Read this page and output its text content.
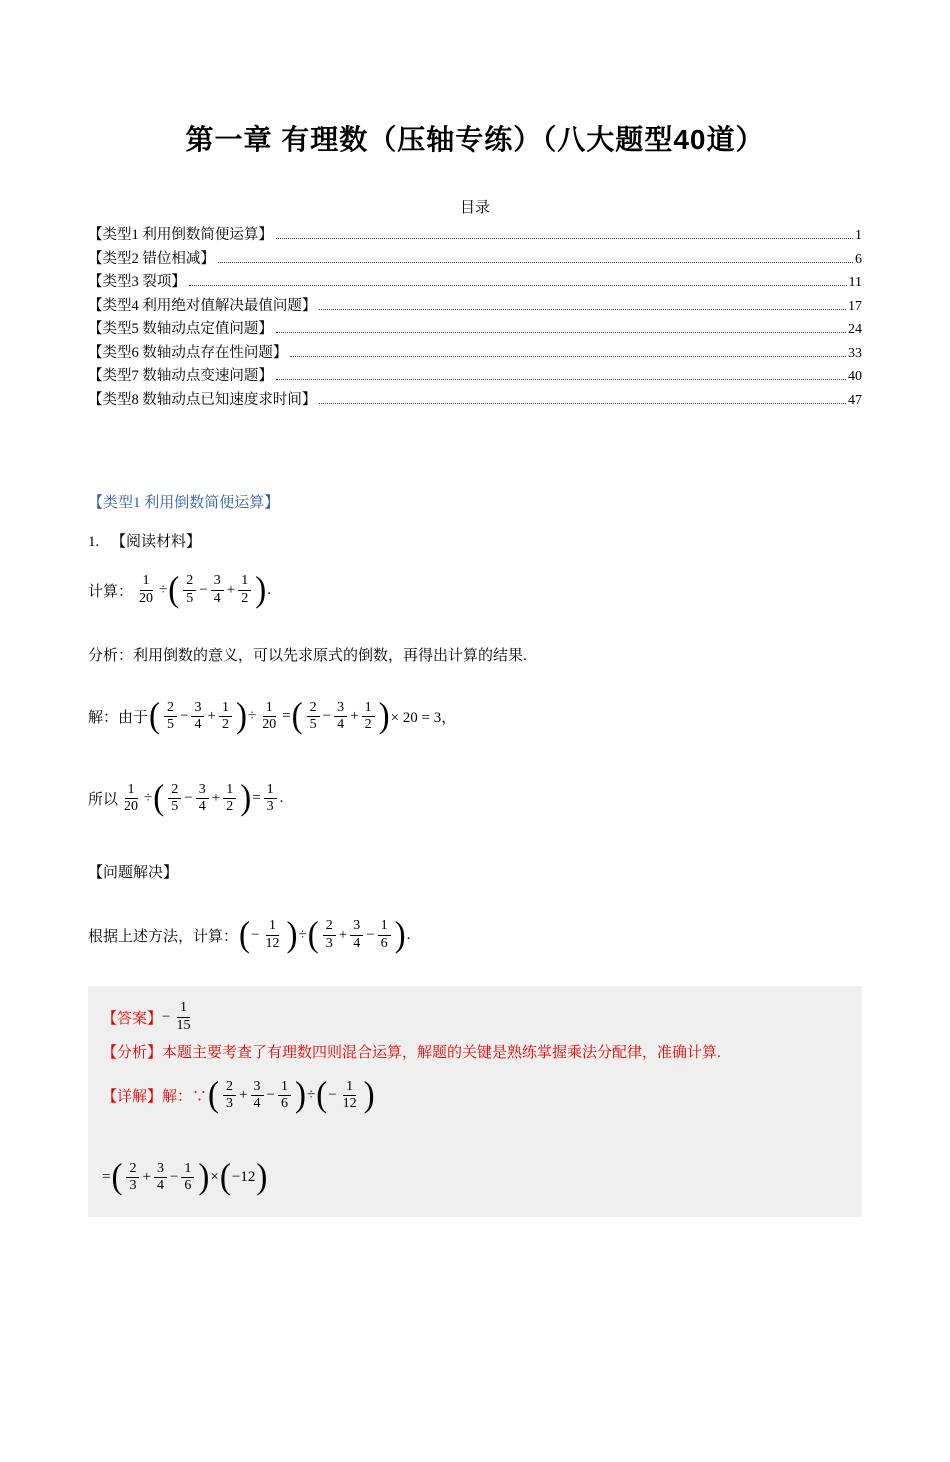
第一章 有理数（压轴专练）（八大题型40道）
目录
【类型1 利用倒数简便运算】	1
【类型2 错位相减】	6
【类型3 裂项】	11
【类型4 利用绝对值解决最值问题】	17
【类型5 数轴动点定值问题】	24
【类型6 数轴动点存在性问题】	33
【类型7 数轴动点变速问题】	40
【类型8 数轴动点已知速度求时间】	47
【类型1 利用倒数简便运算】
1. 【阅读材料】
计算： $\frac{1}{20}$ ÷ ( $\frac{2}{5} - \frac{3}{4} + \frac{1}{2}$ ) .
分析：利用倒数的意义，可以先求原式的倒数，再得出计算的结果.
解：由于 ( $\frac{2}{5} - \frac{3}{4} + \frac{1}{2}$ ) ÷ $\frac{1}{20}$ = ( $\frac{2}{5} - \frac{3}{4} + \frac{1}{2}$ ) × 20 = 3，
所以 $\frac{1}{20}$ ÷ ( $\frac{2}{5} - \frac{3}{4} + \frac{1}{2}$ ) = $\frac{1}{3}$ .
【问题解决】
根据上述方法，计算： ( − $\frac{1}{12}$ ) ÷ ( $\frac{2}{3} + \frac{3}{4} - \frac{1}{6}$ ) .
【答案】 − $\frac{1}{15}$
【分析】本题主要考查了有理数四则混合运算，解题的关键是熟练掌握乘法分配律，准确计算.
【详解】 解：∵ ( $\frac{2}{3} + \frac{3}{4} - \frac{1}{6}$ ) ÷ ( − $\frac{1}{12}$ )
= ( $\frac{2}{3} + \frac{3}{4} - \frac{1}{6}$ ) × ( −12 )
